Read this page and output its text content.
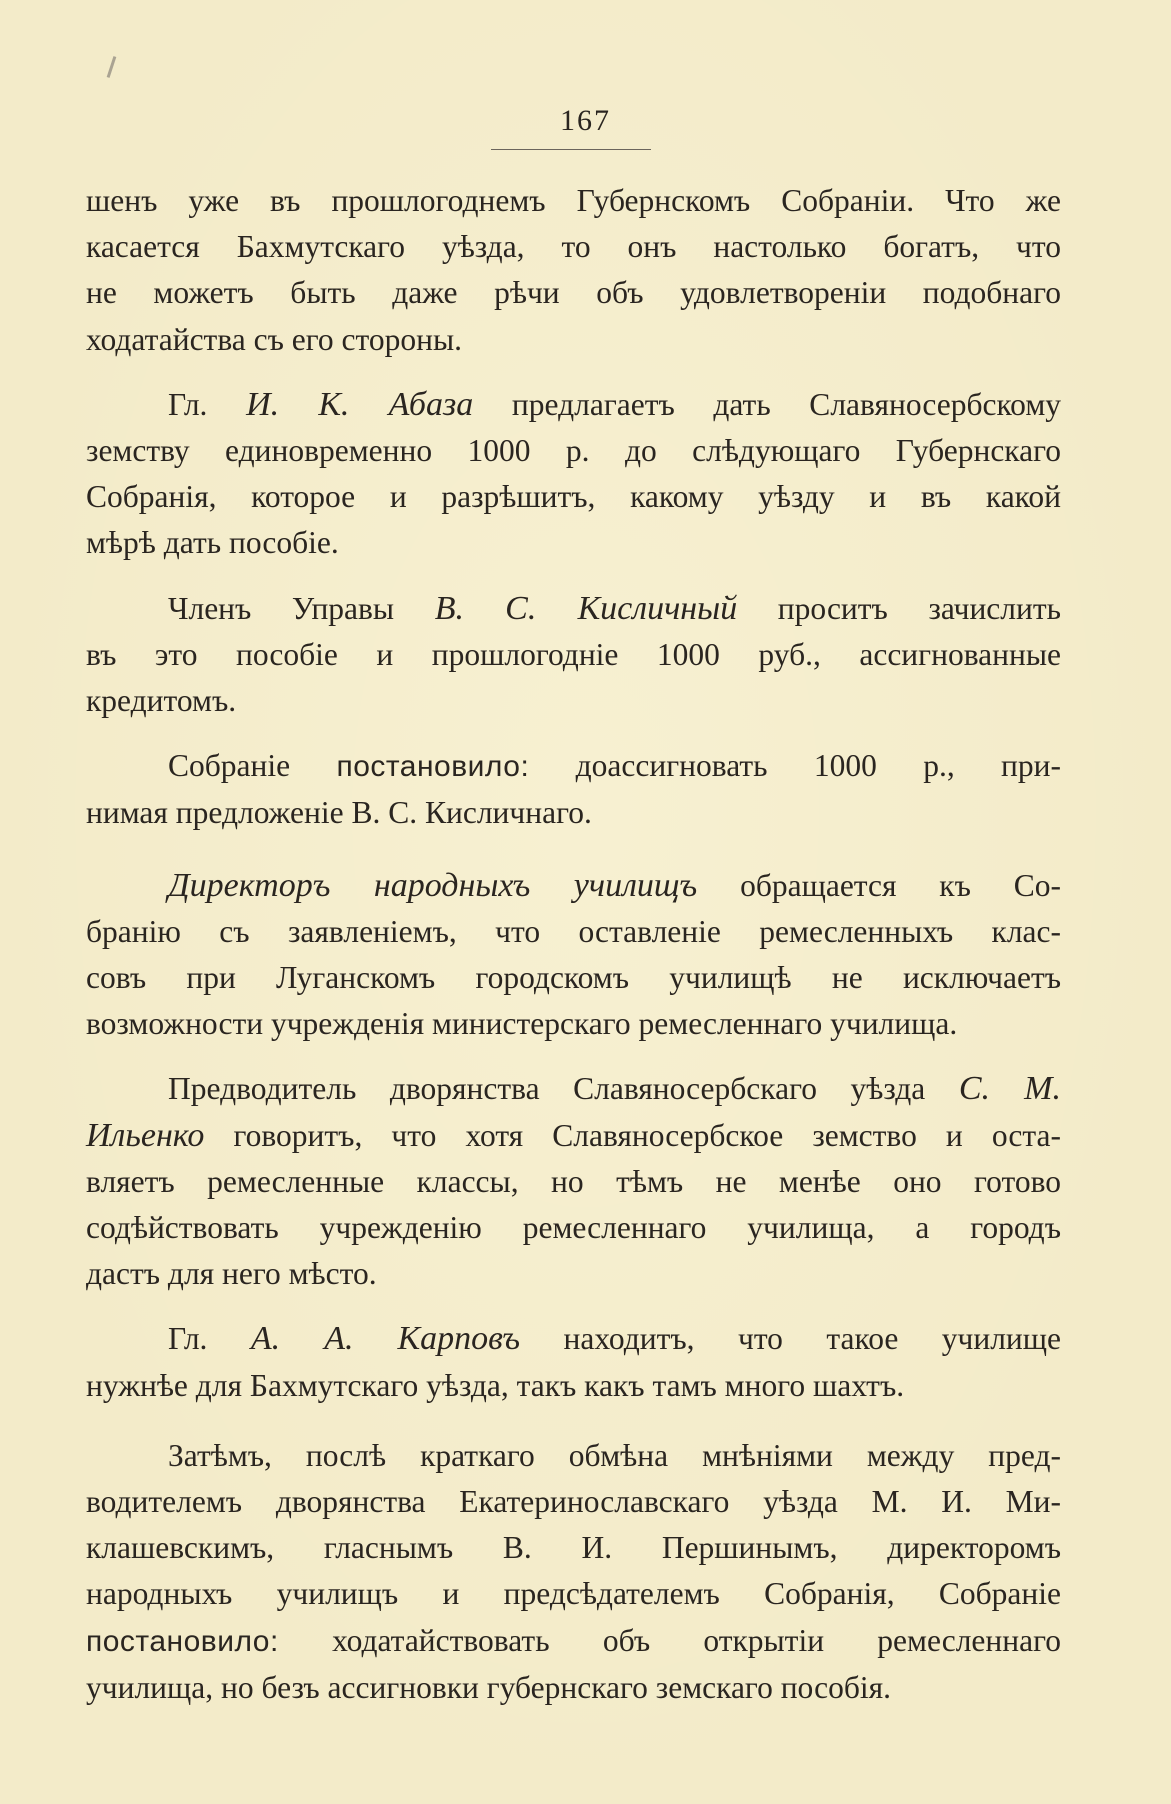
167

шенъ уже въ прошлогоднемъ Губернскомъ Собраніи. Что же
касается Бахмутскаго уѣзда, то онъ настолько богатъ, что
не можетъ быть даже рѣчи объ удовлетвореніи подобнаго
ходатайства съ его стороны.

Гл. И. К. Абаза предлагаетъ дать Славяносербскому
земству единовременно 1000 р. до слѣдующаго Губернскаго
Собранія, которое и разрѣшитъ, какому уѣзду и въ какой
мѣрѣ дать пособіе.

Членъ Управы В. С. Кисличный проситъ зачислить
въ это пособіе и прошлогодніе 1000 руб., ассигнованные
кредитомъ.

Собраніе постановило: доассигновать 1000 р., при-
нимая предложеніе В. С. Кисличнаго.

Директоръ народныхъ училищъ обращается къ Со-
бранію съ заявленіемъ, что оставленіе ремесленныхъ клас-
совъ при Луганскомъ городскомъ училищѣ не исключаетъ
возможности учрежденія министерскаго ремесленнаго училища.

Предводитель дворянства Славяносербскаго уѣзда С. М.
Ильенко говоритъ, что хотя Славяносербское земство и оста-
вляетъ ремесленные классы, но тѣмъ не менѣе оно готово
содѣйствовать учрежденію ремесленнаго училища, а городъ
дастъ для него мѣсто.

Гл. А. А. Карповъ находитъ, что такое училище
нужнѣе для Бахмутскаго уѣзда, такъ какъ тамъ много шахтъ.

Затѣмъ, послѣ краткаго обмѣна мнѣніями между пред-
водителемъ дворянства Екатеринославскаго уѣзда М. И. Ми-
клашевскимъ, гласнымъ В. И. Першинымъ, директоромъ
народныхъ училищъ и предсѣдателемъ Собранія, Собраніе
постановило: ходатайствовать объ открытіи ремесленнаго
училища, но безъ ассигновки губернскаго земскаго пособія.
